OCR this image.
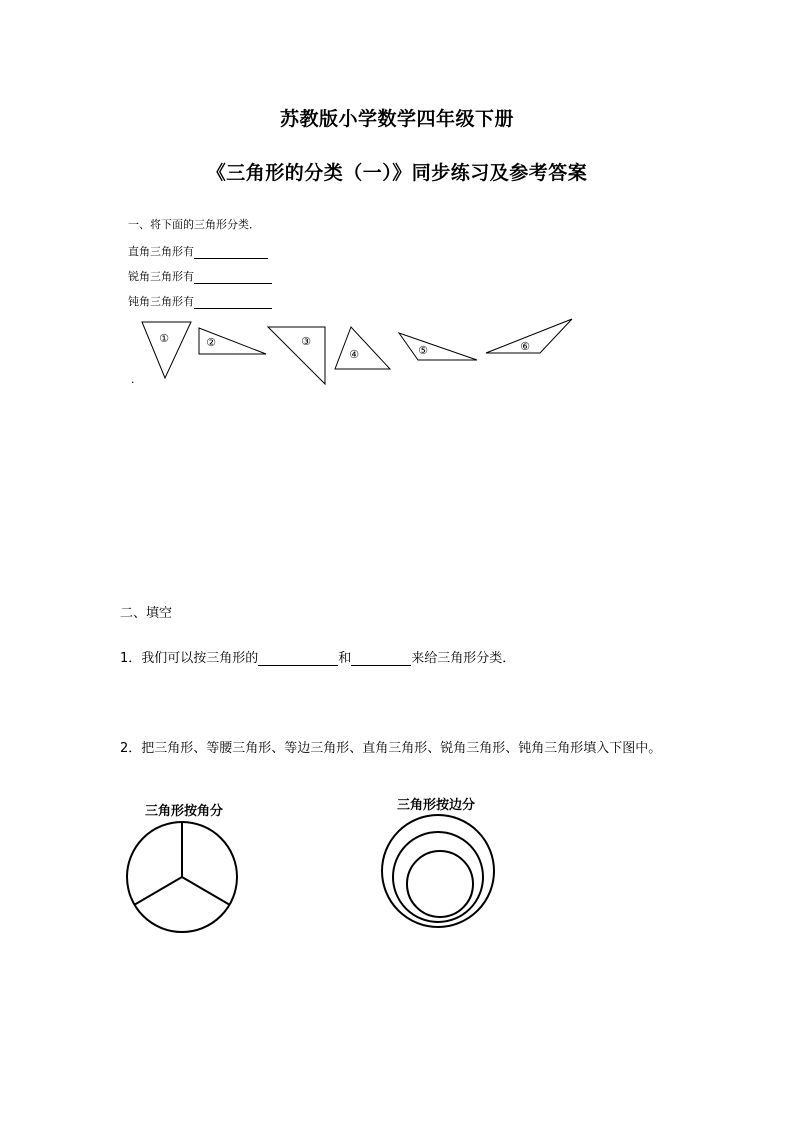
苏教版小学数学四年级下册
《三角形的分类（一）》同步练习及参考答案
一、将下面的三角形分类．
直角三角形有
锐角三角形有
钝角三角形有
①	②	③
④	⑤	⑥
.
二、填空
1．我们可以按三角形的	和	来给三角形分类．
2．把三角形、等腰三角形、等边三角形、直角三角形、锐角三角形、钝角三角形填入下图中。
三角形按角分	三角形按边分
